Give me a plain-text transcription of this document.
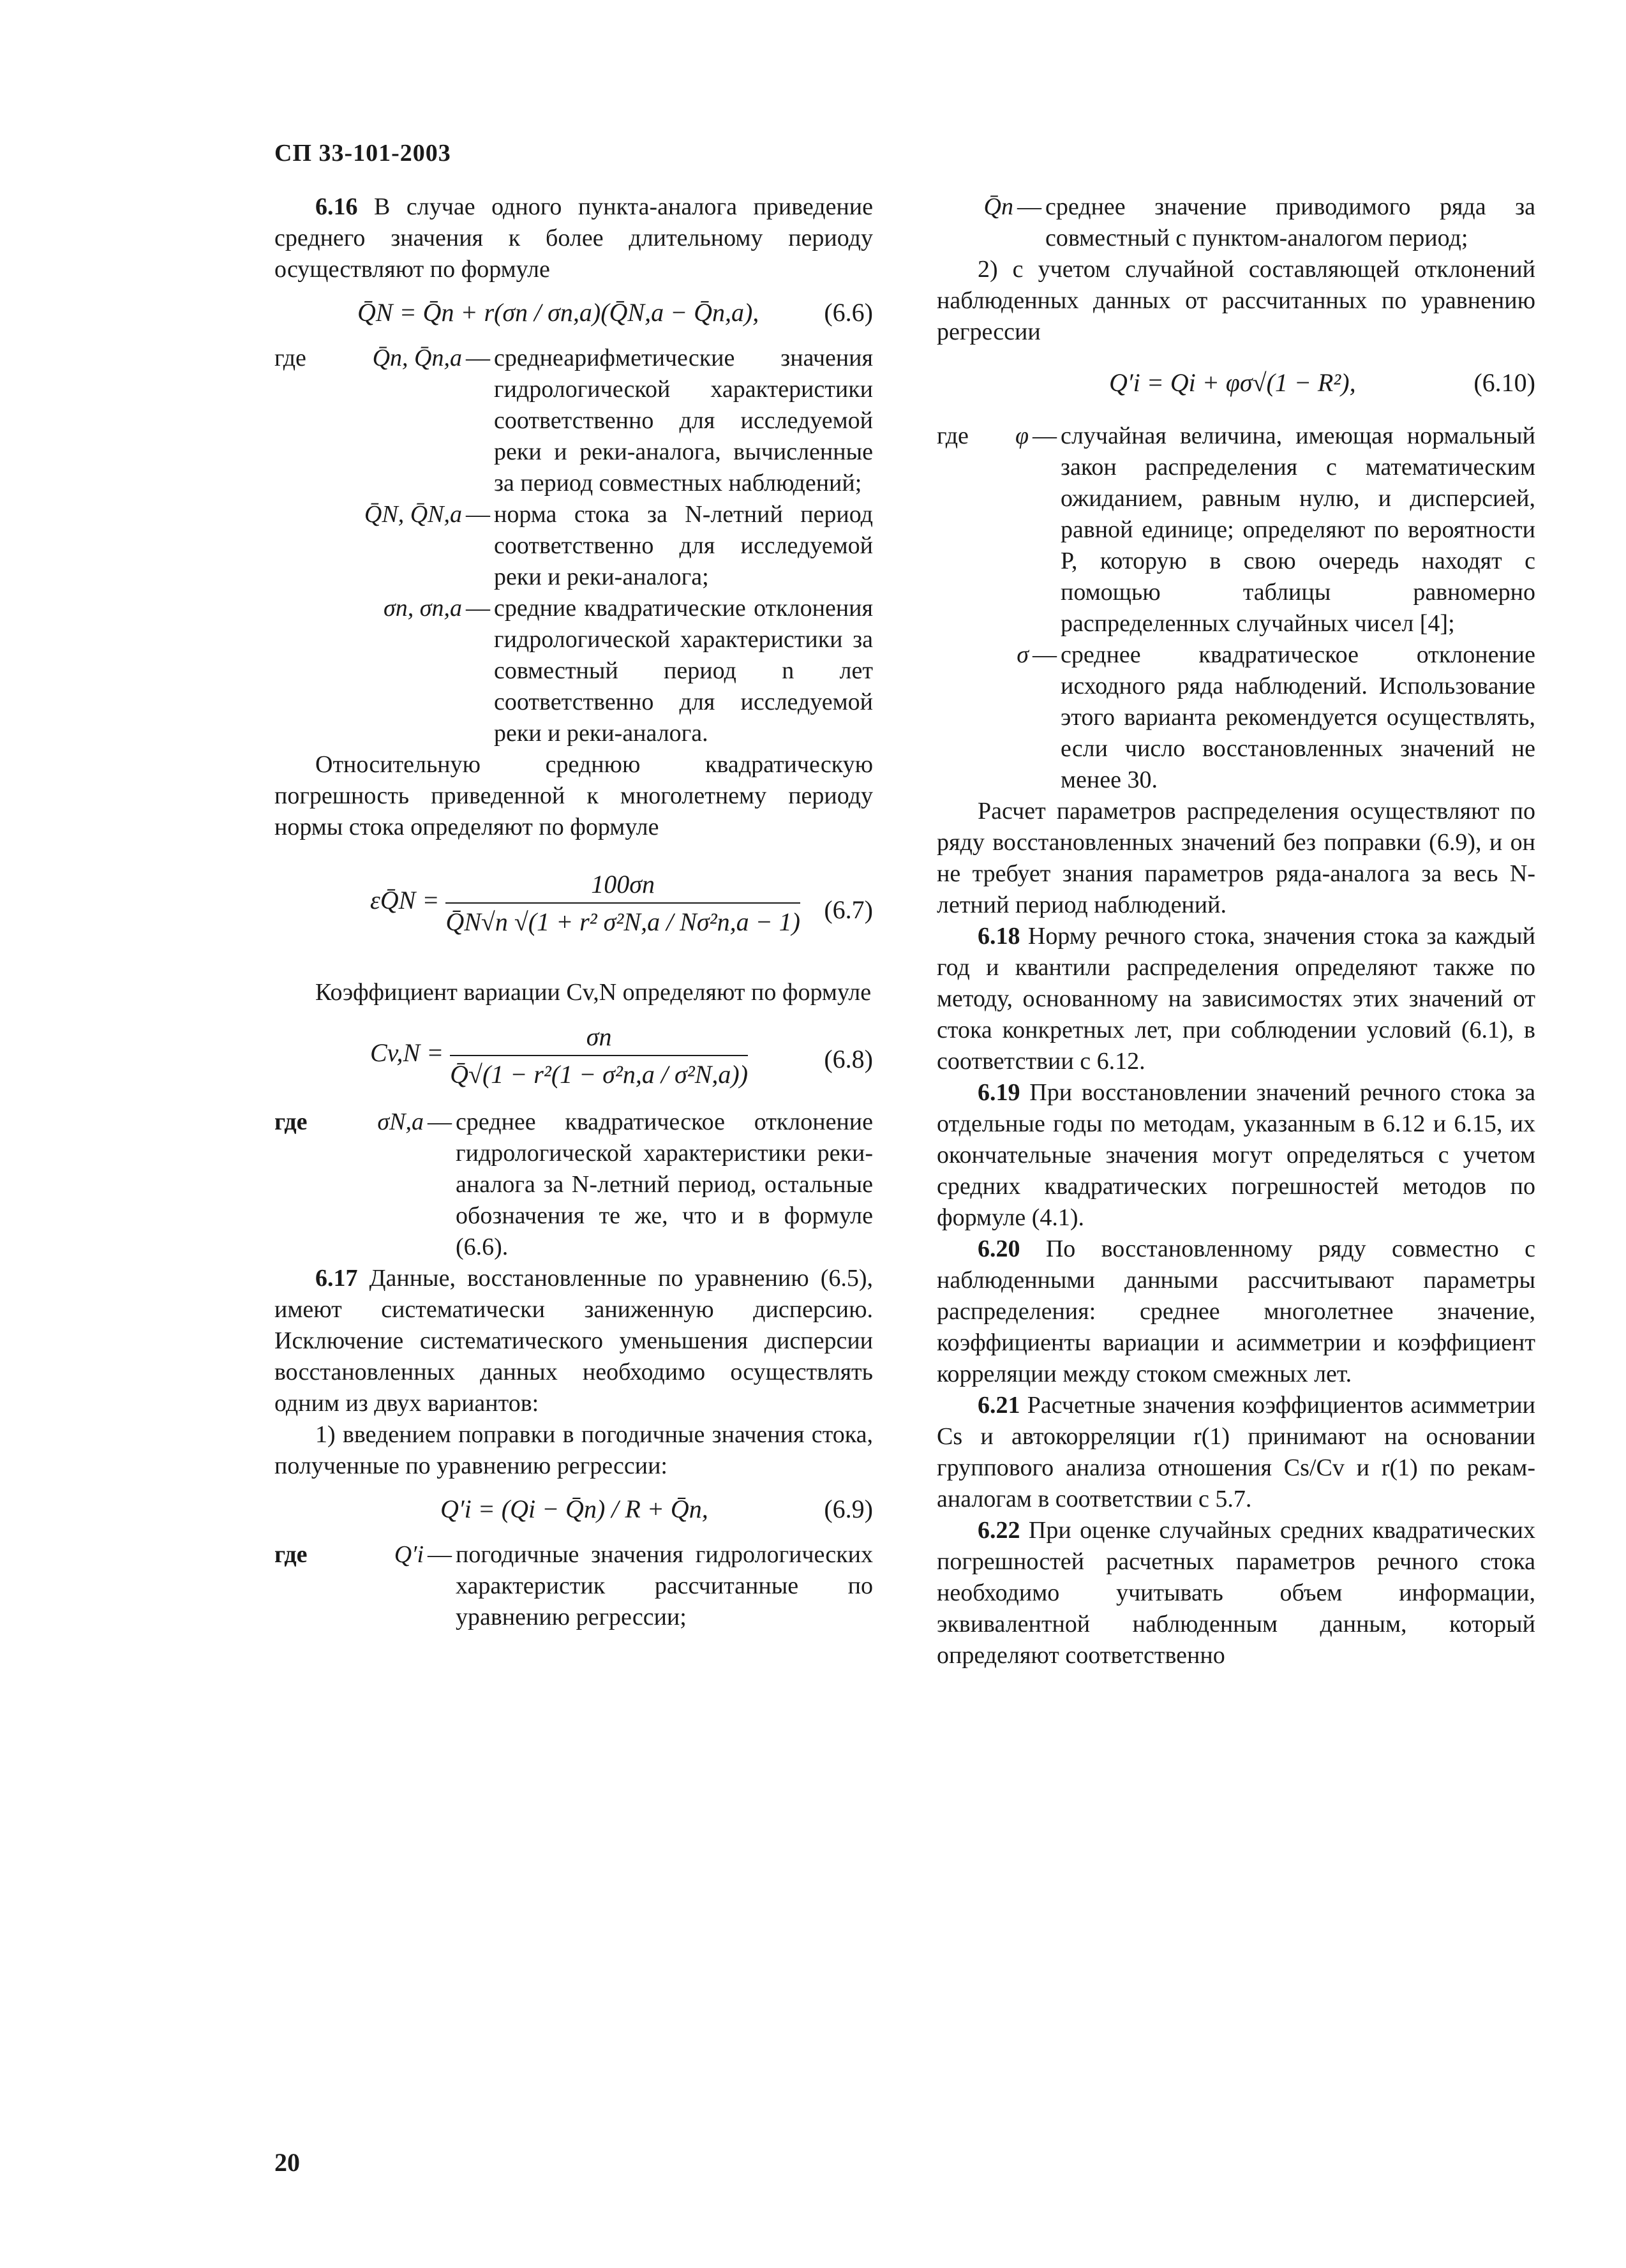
СП 33-101-2003

6.16 В случае одного пункта-аналога приведение среднего значения к более длительному периоду осуществляют по формуле

Q̄N = Q̄n + r(σn / σn,a)(Q̄N,a − Q̄n,a),	(6.6)
где	Q̄n, Q̄n,a — среднеарифметические значения гидрологической характеристики соответственно для исследуемой реки и реки-аналога, вычисленные за период совместных наблюдений;
Q̄N, Q̄N,a — норма стока за N-летний период соответственно для исследуемой реки и реки-аналога;
σn, σn,a — средние квадратические отклонения гидрологической характеристики за совместный период n лет соответственно для исследуемой реки и реки-аналога.

Относительную среднюю квадратическую погрешность приведенной к многолетнему периоду нормы стока определяют по формуле

εQ̄N = $\frac{100\sigma n}{\text{Q̄N√n √(1 + r² σ²N,a / Nσ²n,a − 1)}} (6.7)$

Коэффициент вариации Cv,N определяют по формуле

$Cv,N = \frac{\sigma n}{\text{Q̄√(1 − r²(1 − σ²n,a / σ²N,a))}}$	(6.8)
где	σN,a — среднее квадратическое отклонение гидрологической характеристики реки-аналога за N-летний период, остальные обозначения те же, что и в формуле (6.6).

6.17 Данные, восстановленные по уравнению (6.5), имеют систематически заниженную дисперсию. Исключение систематического уменьшения дисперсии восстановленных данных необходимо осуществлять одним из двух вариантов:

1) введением поправки в погодичные значения стока, полученные по уравнению регрессии:

Q′i = (Qi − Q̄n) / R + Q̄n,	(6.9)
где	Q′i — погодичные значения гидрологических характеристик рассчитанные по уравнению регрессии;
Q̄n — среднее значение приводимого ряда за совместный с пунктом-аналогом период;

2) с учетом случайной составляющей отклонений наблюденных данных от рассчитанных по уравнению регрессии

Q′i = Qi + φσ√(1 − R²),	(6.10)
где	φ — случайная величина, имеющая нормальный закон распределения с математическим ожиданием, равным нулю, и дисперсией, равной единице; определяют по вероятности P, которую в свою очередь находят с помощью таблицы равномерно распределенных случайных чисел [4];
σ — среднее квадратическое отклонение исходного ряда наблюдений. Использование этого варианта рекомендуется осуществлять, если число восстановленных значений не менее 30.

Расчет параметров распределения осуществляют по ряду восстановленных значений без поправки (6.9), и он не требует знания параметров ряда-аналога за весь N-летний период наблюдений.

6.18 Норму речного стока, значения стока за каждый год и квантили распределения определяют также по методу, основанному на зависимостях этих значений от стока конкретных лет, при соблюдении условий (6.1), в соответствии с 6.12.

6.19 При восстановлении значений речного стока за отдельные годы по методам, указанным в 6.12 и 6.15, их окончательные значения могут определяться с учетом средних квадратических погрешностей методов по формуле (4.1).

6.20 По восстановленному ряду совместно с наблюденными данными рассчитывают параметры распределения: среднее многолетнее значение, коэффициенты вариации и асимметрии и коэффициент корреляции между стоком смежных лет.

6.21 Расчетные значения коэффициентов асимметрии Cs и автокорреляции r(1) принимают на основании группового анализа отношения Cs/Cv и r(1) по рекам-аналогам в соответствии с 5.7.

6.22 При оценке случайных средних квадратических погрешностей расчетных параметров речного стока необходимо учитывать объем информации, эквивалентной наблюденным данным, который определяют соответственно

20
